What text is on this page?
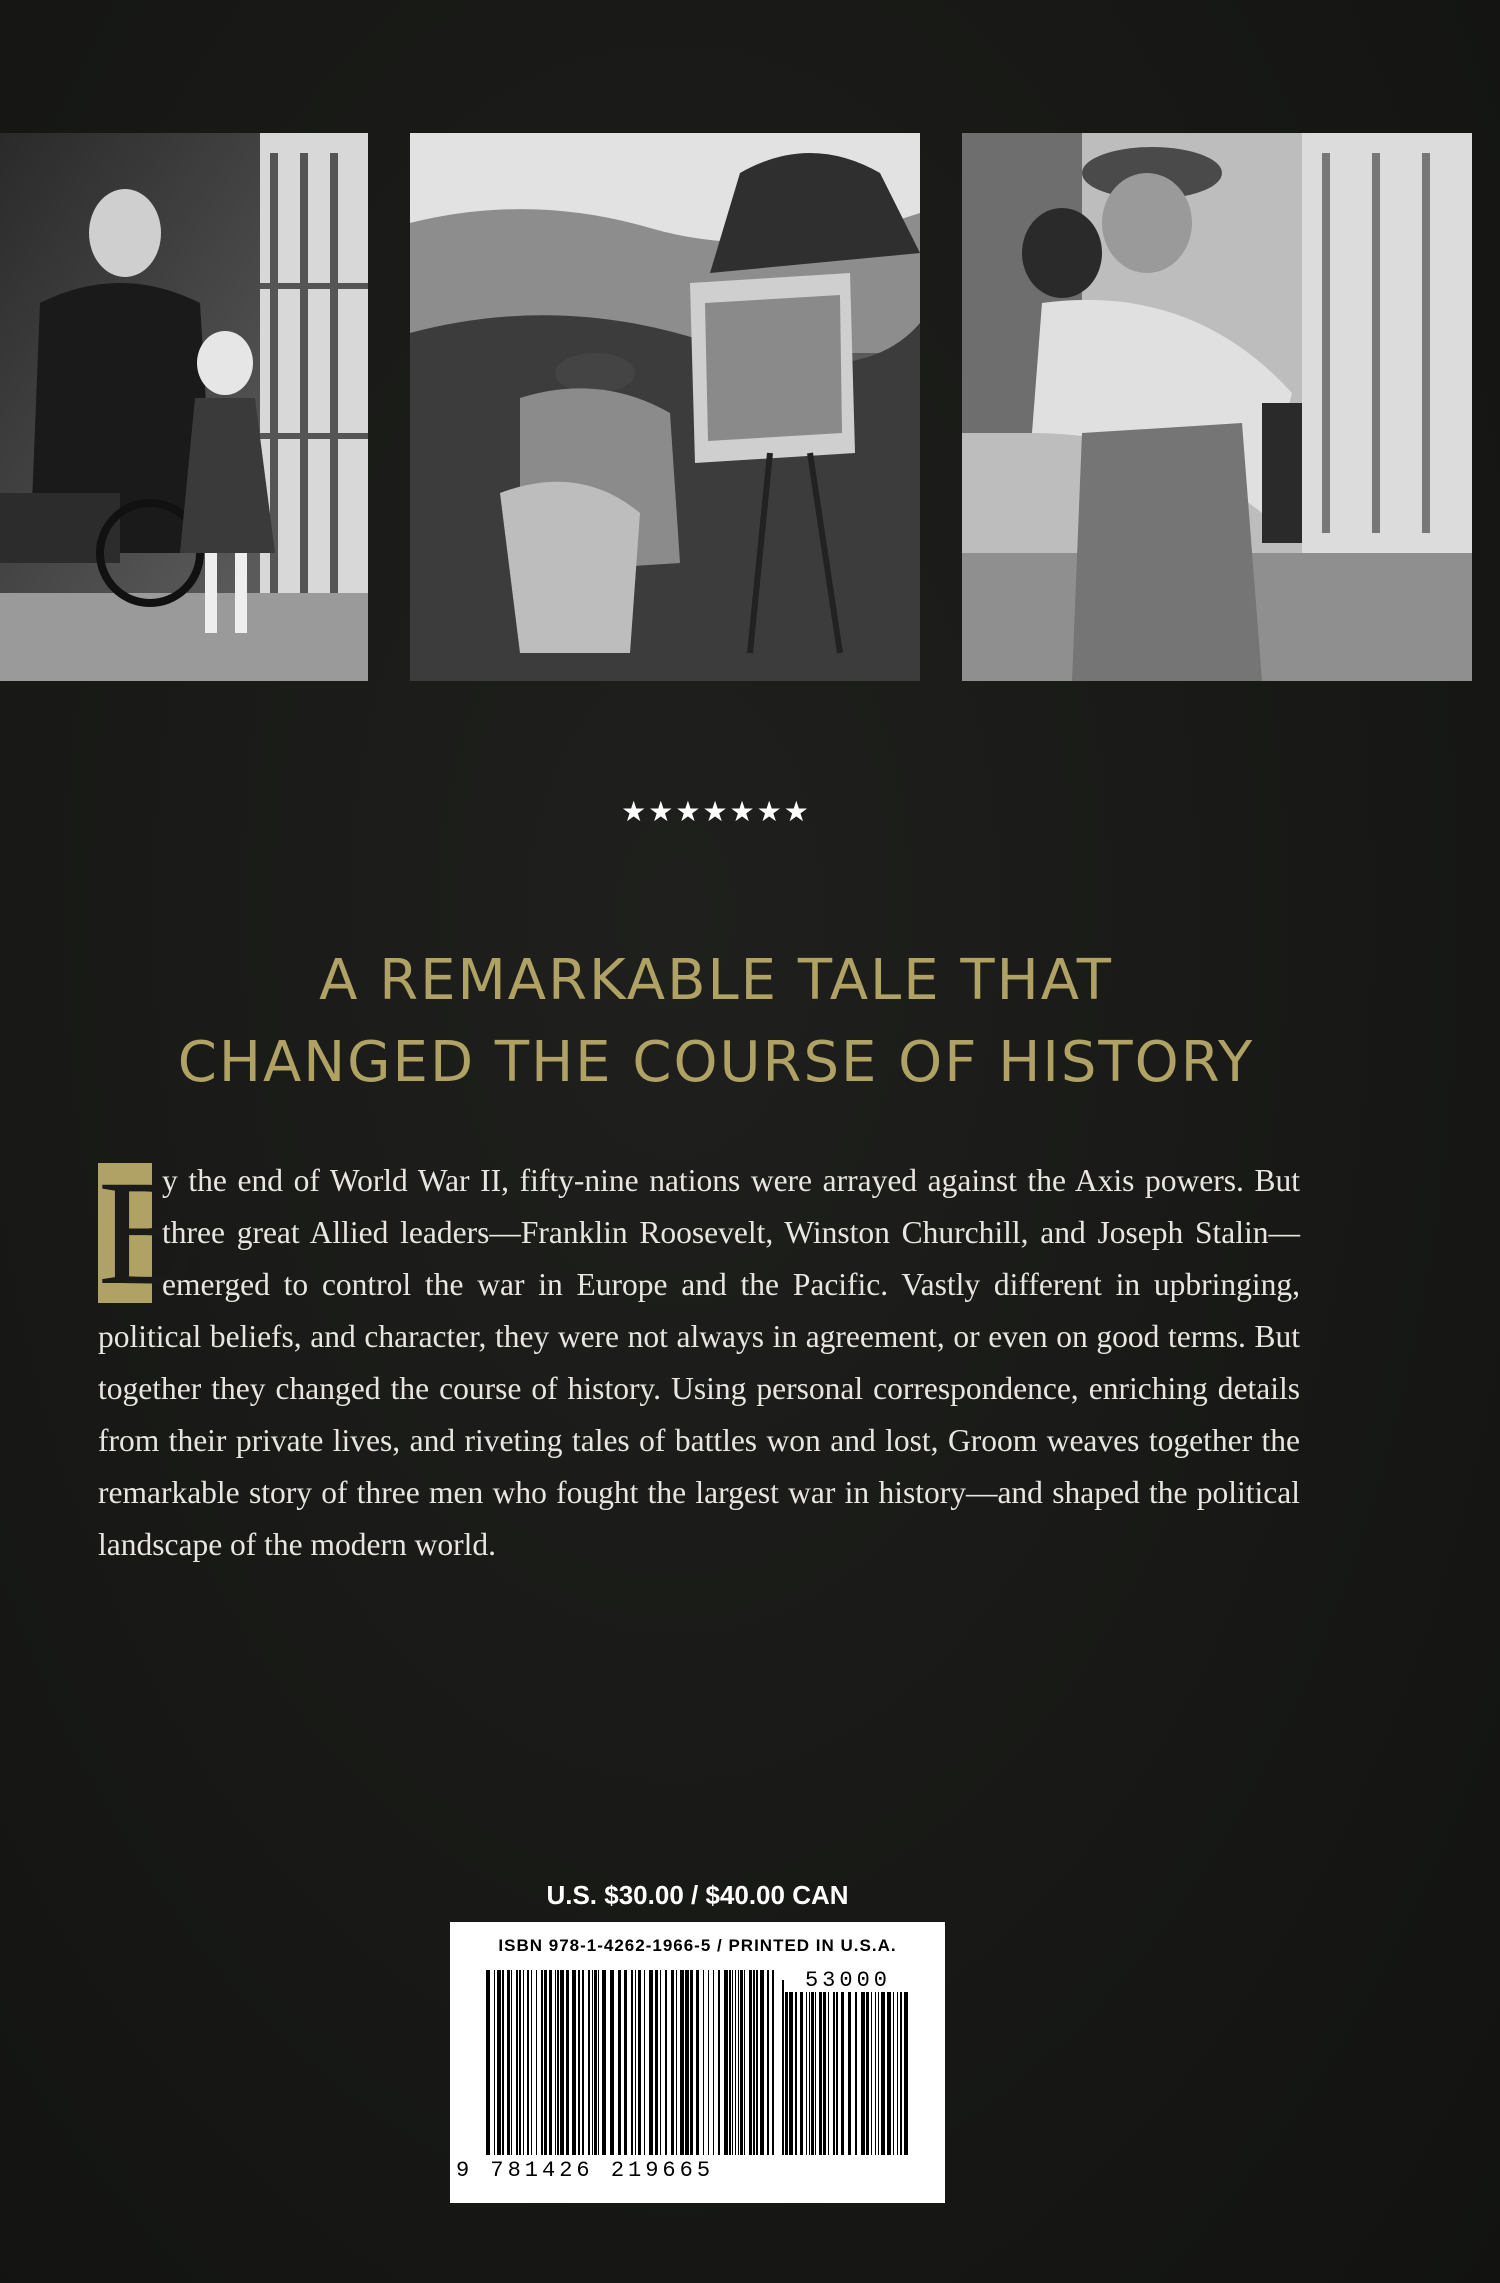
★★★★★★★
A REMARKABLE TALE THAT
CHANGED THE COURSE OF HISTORY

B
y the end of World War II, fifty-nine nations were arrayed against the Axis powers. But three great Allied leaders—Franklin Roosevelt, Winston Churchill, and Joseph Stalin—emerged to control the war in Europe and the Pacific. Vastly different in upbringing, political beliefs, and character, they were not always in agreement, or even on good terms. But together they changed the course of history. Using personal correspondence, enriching details from their private lives, and riveting tales of battles won and lost, Groom weaves together the remarkable story of three men who fought the largest war in history—and shaped the political landscape of the modern world.

U.S. $30.00 / $40.00 CAN
ISBN 978-1-4262-1966-5 / PRINTED IN U.S.A.
53000
9 781426 219665
